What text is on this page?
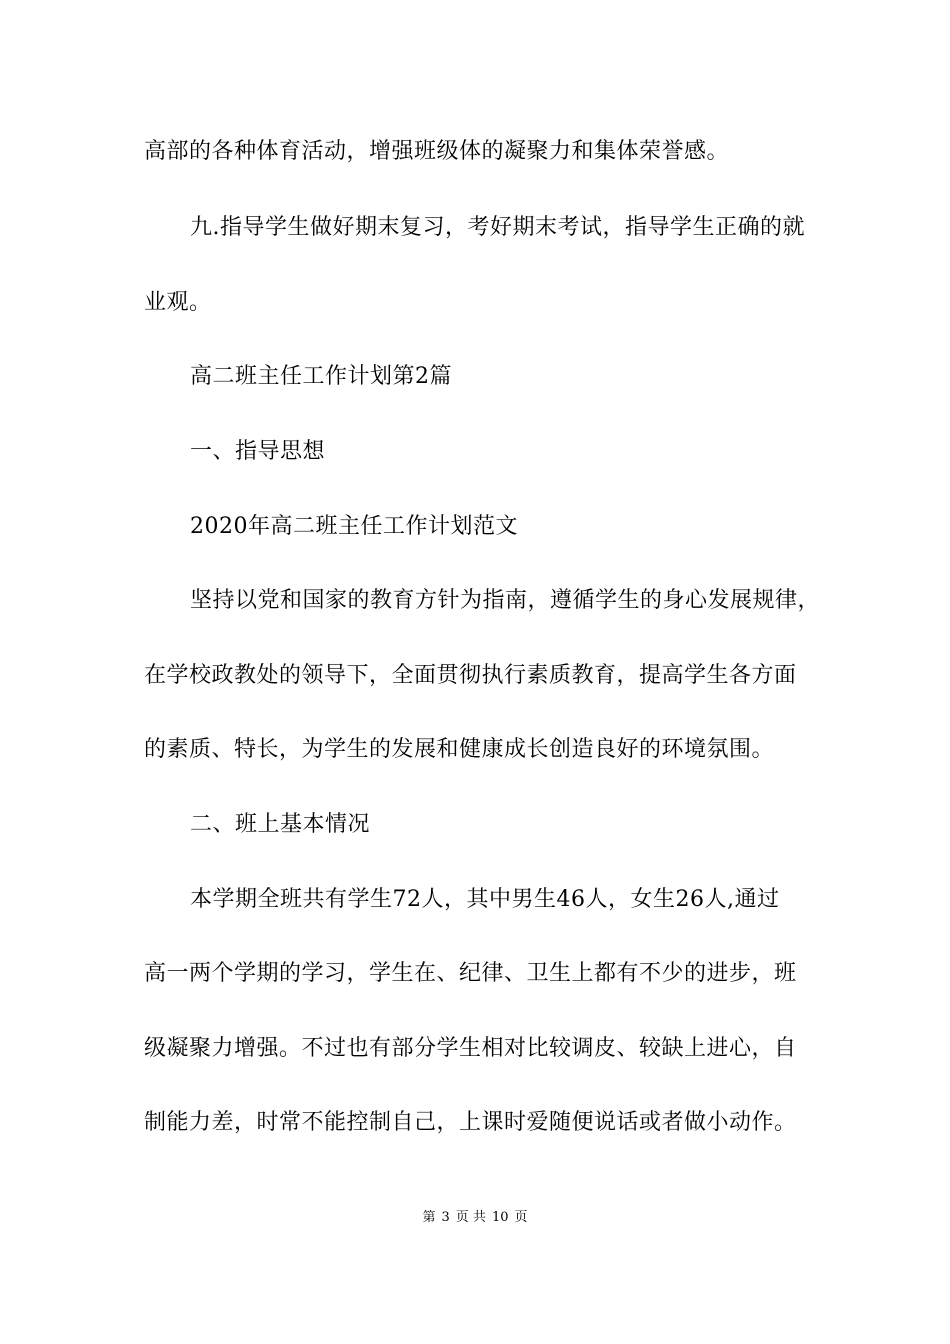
高部的各种体育活动，增强班级体的凝聚力和集体荣誉感。
九.指导学生做好期末复习，考好期末考试，指导学生正确的就
业观。
高二班主任工作计划第2篇
一、指导思想
2020年高二班主任工作计划范文
坚持以党和国家的教育方针为指南，遵循学生的身心发展规律，
在学校政教处的领导下，全面贯彻执行素质教育，提高学生各方面
的素质、特长，为学生的发展和健康成长创造良好的环境氛围。
二、班上基本情况
本学期全班共有学生72人，其中男生46人，女生26人,通过
高一两个学期的学习，学生在、纪律、卫生上都有不少的进步，班
级凝聚力增强。不过也有部分学生相对比较调皮、较缺上进心，自
制能力差，时常不能控制自己，上课时爱随便说话或者做小动作。
第 3 页 共 10 页
